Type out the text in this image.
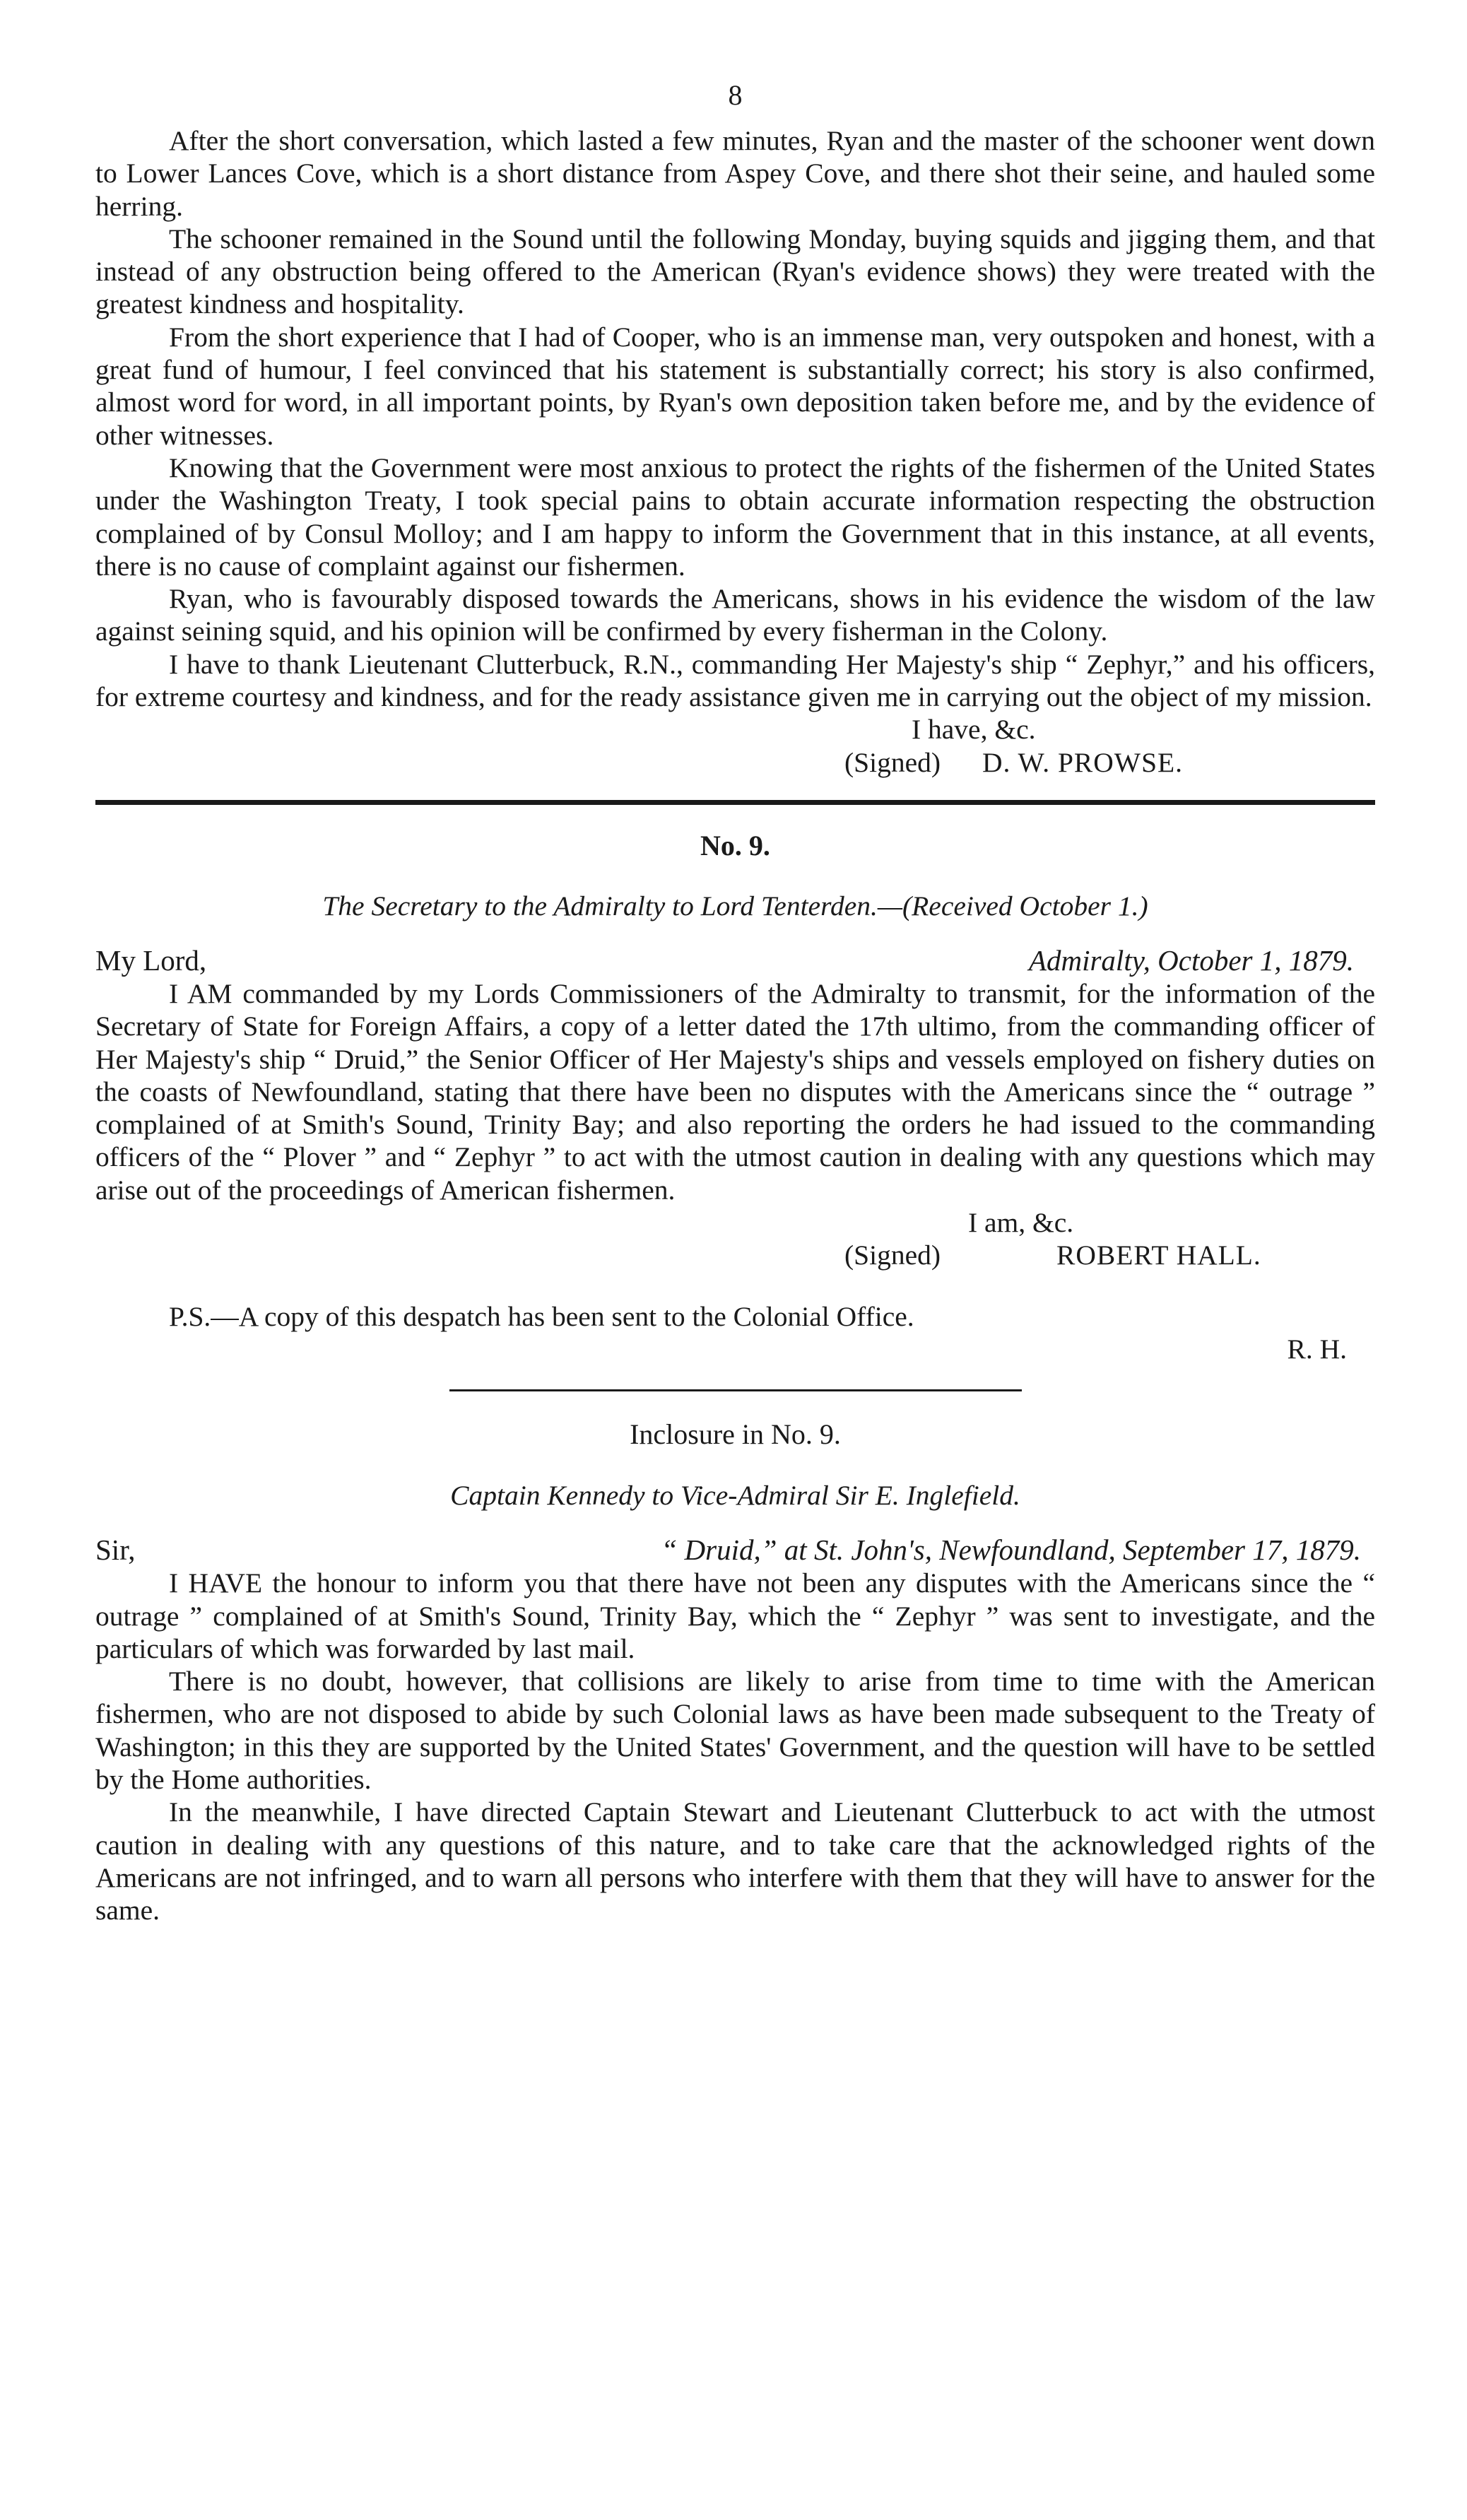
8

After the short conversation, which lasted a few minutes, Ryan and the master of the schooner went down to Lower Lances Cove, which is a short distance from Aspey Cove, and there shot their seine, and hauled some herring.

The schooner remained in the Sound until the following Monday, buying squids and jigging them, and that instead of any obstruction being offered to the American (Ryan's evidence shows) they were treated with the greatest kindness and hospitality.

From the short experience that I had of Cooper, who is an immense man, very outspoken and honest, with a great fund of humour, I feel convinced that his statement is substantially correct; his story is also confirmed, almost word for word, in all important points, by Ryan's own deposition taken before me, and by the evidence of other witnesses.

Knowing that the Government were most anxious to protect the rights of the fishermen of the United States under the Washington Treaty, I took special pains to obtain accurate information respecting the obstruction complained of by Consul Molloy; and I am happy to inform the Government that in this instance, at all events, there is no cause of complaint against our fishermen.

Ryan, who is favourably disposed towards the Americans, shows in his evidence the wisdom of the law against seining squid, and his opinion will be confirmed by every fisherman in the Colony.

I have to thank Lieutenant Clutterbuck, R.N., commanding Her Majesty's ship “ Zephyr,” and his officers, for extreme courtesy and kindness, and for the ready assistance given me in carrying out the object of my mission.

I have, &c.
(Signed)	D. W. PROWSE.
No. 9.
The Secretary to the Admiralty to Lord Tenterden.—(Received October 1.)
My Lord,	Admiralty, October 1, 1879.

I AM commanded by my Lords Commissioners of the Admiralty to transmit, for the information of the Secretary of State for Foreign Affairs, a copy of a letter dated the 17th ultimo, from the commanding officer of Her Majesty's ship “ Druid,” the Senior Officer of Her Majesty's ships and vessels employed on fishery duties on the coasts of Newfoundland, stating that there have been no disputes with the Americans since the “ outrage ” complained of at Smith's Sound, Trinity Bay; and also reporting the orders he had issued to the commanding officers of the “ Plover ” and “ Zephyr ” to act with the utmost caution in dealing with any questions which may arise out of the proceedings of American fishermen.

I am, &c.
(Signed)	ROBERT HALL.
P.S.—A copy of this despatch has been sent to the Colonial Office.
R. H.
Inclosure in No. 9.
Captain Kennedy to Vice-Admiral Sir E. Inglefield.
Sir,	“ Druid,” at St. John's, Newfoundland, September 17, 1879.

I HAVE the honour to inform you that there have not been any disputes with the Americans since the “ outrage ” complained of at Smith's Sound, Trinity Bay, which the “ Zephyr ” was sent to investigate, and the particulars of which was forwarded by last mail.

There is no doubt, however, that collisions are likely to arise from time to time with the American fishermen, who are not disposed to abide by such Colonial laws as have been made subsequent to the Treaty of Washington; in this they are supported by the United States' Government, and the question will have to be settled by the Home authorities.

In the meanwhile, I have directed Captain Stewart and Lieutenant Clutterbuck to act with the utmost caution in dealing with any questions of this nature, and to take care that the acknowledged rights of the Americans are not infringed, and to warn all persons who interfere with them that they will have to answer for the same.
